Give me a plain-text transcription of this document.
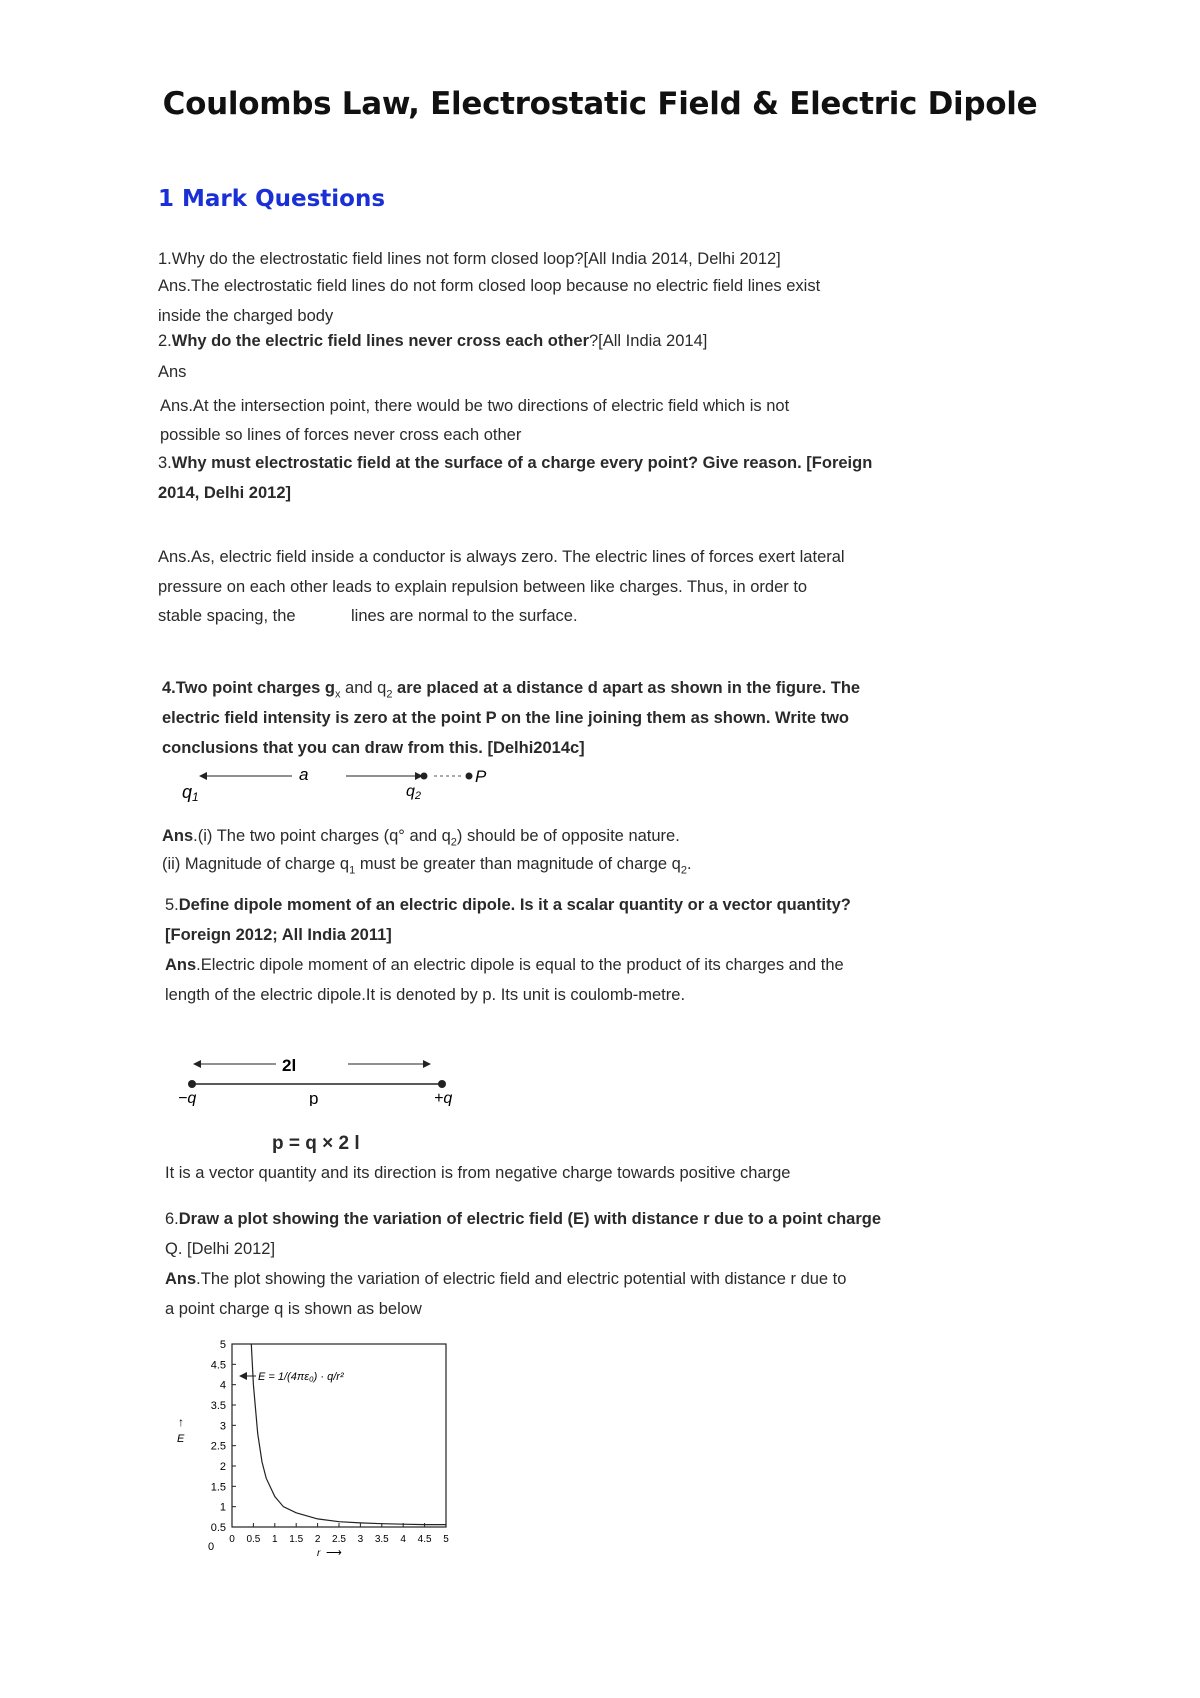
Coulombs Law, Electrostatic Field & Electric Dipole
1 Mark Questions
1.Why do the electrostatic field lines not form closed loop?[All India 2014, Delhi 2012]
Ans.The electrostatic field lines do not form closed loop because no electric field lines exist
inside the charged body
2.Why do the electric field lines never cross each other?[All India 2014]
Ans
Ans.At the intersection point, there would be two directions of electric field which is not
possible so lines of forces never cross each other
3.Why must electrostatic field at the surface of a charge every point? Give reason. [Foreign
2014, Delhi 2012]
Ans.As, electric field inside a conductor is always zero. The electric lines of forces exert lateral
pressure on each other leads to explain repulsion between like charges. Thus, in order to
stable spacing, the	lines are normal to the surface.
4.Two point charges $g_x$ and $q_2$ are placed at a distance d apart as shown in the figure. The
electric field intensity is zero at the point P on the line joining them as shown. Write two
conclusions that you can draw from this. [Delhi2014c]
q1
a
q2
P
Ans.(i) The two point charges (q° and $q_2$) should be of opposite nature.
(ii) Magnitude of charge $q_1$ must be greater than magnitude of charge $q_2$.
5.Define dipole moment of an electric dipole. Is it a scalar quantity or a vector quantity?
[Foreign 2012; All India 2011]
Ans.Electric dipole moment of an electric dipole is equal to the product of its charges and the
length of the electric dipole.It is denoted by p. Its unit is coulomb-metre.
2l
−q	p	+q
p = q × 2 l
It is a vector quantity and its direction is from negative charge towards positive charge
6.Draw a plot showing the variation of electric field (E) with distance r due to a point charge
Q. [Delhi 2012]
Ans.The plot showing the variation of electric field and electric potential with distance r due to
a point charge q is shown as below
0.5
1
1.5
2
2.5
3
3.5
4
4.5
5
0 0.5 1 1.5 2 2.5 3 3.5 4 4.5 5
↑
E
0
r ⟶
E = 1/(4πε₀) · q/r²
